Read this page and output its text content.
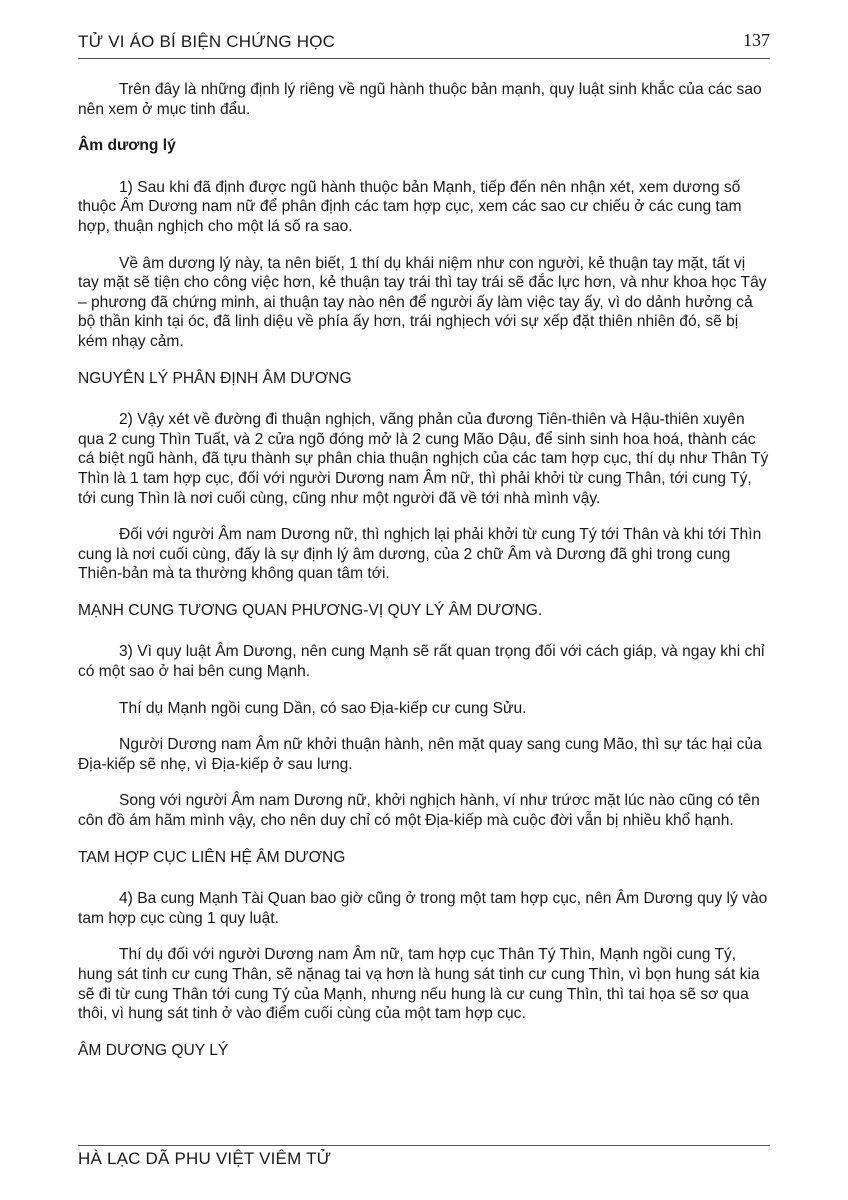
TỬ VI ÁO BÍ BIỆN CHỨNG HỌC	137

Trên đây là những định lý riêng về ngũ hành thuộc bản mạnh, quy luật sinh khắc của các sao nên xem ở mục tinh đẩu.

Âm dương lý

1) Sau khi đã định được ngũ hành thuộc bản Mạnh, tiếp đến nên nhận xét, xem dương số thuộc Âm Dương nam nữ để phân định các tam hợp cục, xem các sao cư chiếu ở các cung tam hợp, thuận nghịch cho một lá số ra sao.

Về âm dương lý này, ta nên biết, 1 thí dụ khái niệm như con người, kẻ thuận tay mặt, tất vị tay mặt sẽ tiện cho công việc hơn, kẻ thuận tay trái thì tay trái sẽ đắc lực hơn, và như khoa học Tây – phương đã chứng minh, ai thuận tay nào nên để người ấy làm việc tay ấy, vì do dảnh hưởng cả bộ thần kinh tại óc, đã linh diệu về phía ấy hơn, trái nghịech với sự xếp đặt thiên nhiên đó, sẽ bị kém nhạy cảm.

NGUYÊN LÝ PHÂN ĐỊNH ÂM DƯƠNG

2) Vậy xét về đường đi thuận nghịch, vãng phản của đương Tiên-thiên và Hậu-thiên xuyên qua 2 cung Thìn Tuất, và 2 cửa ngõ đóng mở là 2 cung Mão Dậu, để sinh sinh hoa hoá, thành các cá biệt ngũ hành, đã tựu thành sự phân chia thuận nghịch của các tam hợp cục, thí dụ như Thân Tý Thìn là 1 tam hợp cục, đối với người Dương nam Âm nữ, thì phải khởi từ cung Thân, tới cung Tý, tới cung Thìn là nơi cuối cùng, cũng như một người đã về tới nhà mình vậy.

Đối với người Âm nam Dương nữ, thì nghịch lại phải khởi từ cung Tý tới Thân và khi tới Thìn cung là nơi cuối cùng, đấy là sự định lý âm dương, của 2 chữ Âm và Dương đã ghi trong cung Thiên-bản mà ta thường không quan tâm tới.

MẠNH CUNG TƯƠNG QUAN PHƯƠNG-VỊ QUY LÝ ÂM DƯƠNG.

3) Vì quy luật Âm Dương, nên cung Mạnh sẽ rất quan trọng đối với cách giáp, và ngay khi chỉ có một sao ở hai bên cung Mạnh.

Thí dụ Mạnh ngồi cung Dần, có sao Địa-kiếp cư cung Sửu.

Người Dương nam Âm nữ khởi thuận hành, nên mặt quay sang cung Mão, thì sự tác hại của Địa-kiếp sẽ nhẹ, vì Địa-kiếp ở sau lưng.

Song với người Âm nam Dương nữ, khởi nghịch hành, ví như trứơc mặt lúc nào cũng có tên côn đồ ám hãm mình vậy, cho nên duy chỉ có một Địa-kiếp mà cuộc đời vẫn bị nhiều khổ hạnh.

TAM HỢP CỤC LIÊN HỆ ÂM DƯƠNG

4) Ba cung Mạnh Tài Quan bao giờ cũng ở trong một tam hợp cục, nên Âm Dương quy lý vào tam hợp cục cùng 1 quy luật.

Thí dụ đối với người Dương nam Âm nữ, tam hợp cục Thân Tý Thìn, Mạnh ngồi cung Tý, hung sát tinh cư cung Thân, sẽ nặnag tai vạ hơn là hung sát tinh cư cung Thìn, vì bọn hung sát kia sẽ đi từ cung Thân tới cung Tý của Mạnh, nhưng nếu hung là cư cung Thìn, thì tai họa sẽ sơ qua thôi, vì hung sát tinh ở vào điểm cuối cùng của một tam hợp cục.

ÂM DƯƠNG QUY LÝ

HÀ LẠC DÃ PHU VIỆT VIÊM TỬ
